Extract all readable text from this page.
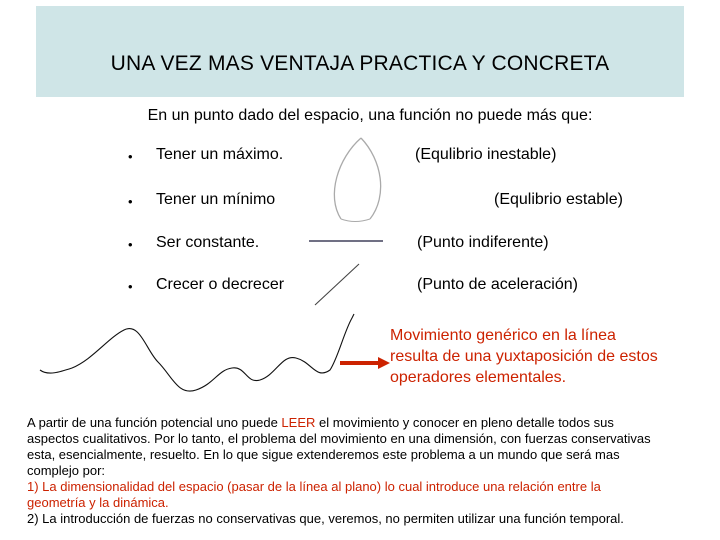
UNA VEZ MAS VENTAJA PRACTICA Y CONCRETA
En un punto dado del espacio, una función no puede más que:
• Tener un máximo.	(Equlibrio inestable)
• Tener un mínimo	(Equlibrio estable)
• Ser constante.	(Punto indiferente)
• Crecer o decrecer	(Punto de aceleración)
Movimiento genérico en la línea
resulta de una yuxtaposición de estos
operadores elementales.
A partir de una función potencial uno puede LEER el movimiento y conocer en pleno detalle todos sus
aspectos cualitativos. Por lo tanto, el problema del movimiento en una dimensión, con fuerzas conservativas
esta, esencialmente, resuelto. En lo que sigue extenderemos este problema a un mundo que será mas
complejo por:
1) La dimensionalidad del espacio (pasar de la línea al plano) lo cual introduce una relación entre la
geometría y la dinámica.
2) La introducción de fuerzas no conservativas que, veremos, no permiten utilizar una función temporal.
